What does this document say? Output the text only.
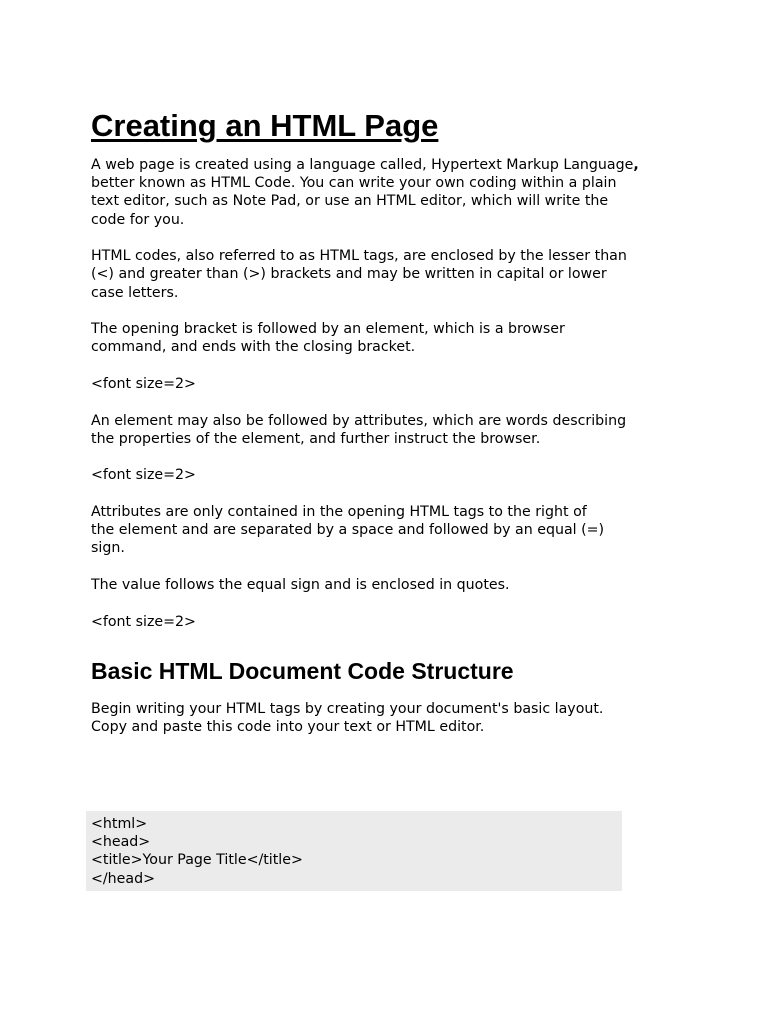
Creating an HTML Page

A web page is created using a language called, Hypertext Markup Language,
better known as HTML Code. You can write your own coding within a plain
text editor, such as Note Pad, or use an HTML editor, which will write the
code for you.

HTML codes, also referred to as HTML tags, are enclosed by the lesser than
(<) and greater than (>) brackets and may be written in capital or lower
case letters.

The opening bracket is followed by an element, which is a browser
command, and ends with the closing bracket.

<font size=2>

An element may also be followed by attributes, which are words describing
the properties of the element, and further instruct the browser.

<font size=2>

Attributes are only contained in the opening HTML tags to the right of
the element and are separated by a space and followed by an equal (=)
sign.

The value follows the equal sign and is enclosed in quotes.

<font size=2>

Basic HTML Document Code Structure

Begin writing your HTML tags by creating your document's basic layout.
Copy and paste this code into your text or HTML editor.

<html>
<head>
<title>Your Page Title</title>
</head>
